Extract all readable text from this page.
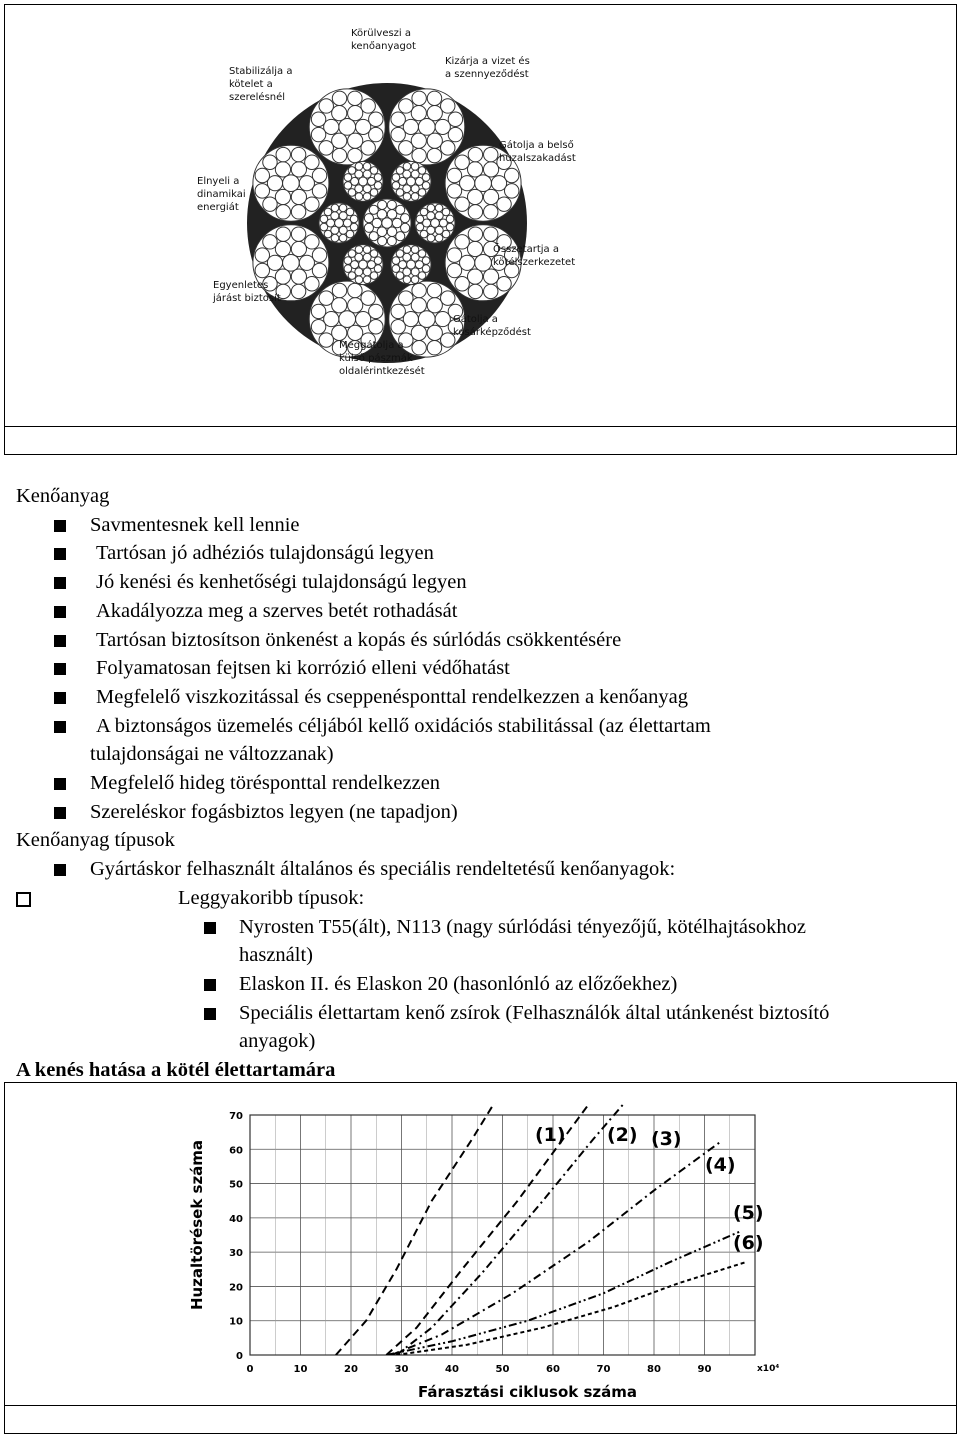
Körülveszi a
kenőanyagot
Kizárja a vizet és
a szennyeződést
Gátolja a belső
huzalszakadást
Összetartja a
kötélszerkezetet
Gátolja a
kosárképződést
Meggátolja a
külső pászmák
oldalérintkezését
Egyenletes
járást biztosít
Elnyeli a
dinamikai
energiát
Stabilizálja a
kötelet a
szerelésnél
Kenőanyag
Savmentesnek kell lennie
Tartósan jó adhéziós tulajdonságú legyen
Jó kenési és kenhetőségi tulajdonságú legyen
Akadályozza meg a szerves betét rothadását
Tartósan biztosítson önkenést a kopás és súrlódás csökkentésére
Folyamatosan fejtsen ki korrózió elleni védőhatást
Megfelelő viszkozitással és cseppenésponttal rendelkezzen a kenőanyag
A biztonságos üzemelés céljából kellő oxidációs stabilitással (az élettartam
tulajdonságai ne változzanak)
Megfelelő hideg törésponttal rendelkezzen
Szereléskor fogásbiztos legyen (ne tapadjon)
Kenőanyag típusok
Gyártáskor felhasznált általános és speciális rendeltetésű kenőanyagok:
Leggyakoribb típusok:
Nyrosten T55(ált), N113 (nagy súrlódási tényezőjű, kötélhajtásokhoz
használt)
Elaskon II. és Elaskon 20 (hasonlónló az előzőekhez)
Speciális élettartam kenő zsírok (Felhasználók által utánkenést biztosító
anyagok)
A kenés hatása a kötél élettartamára
0
10
20
30
40
50
60
70
0	10	20	30	40	50	60	70	80	90	x10⁴
Huzaltörések száma
Fárasztási ciklusok száma
(1) (2) (3)
(4)
(5)
(6)
